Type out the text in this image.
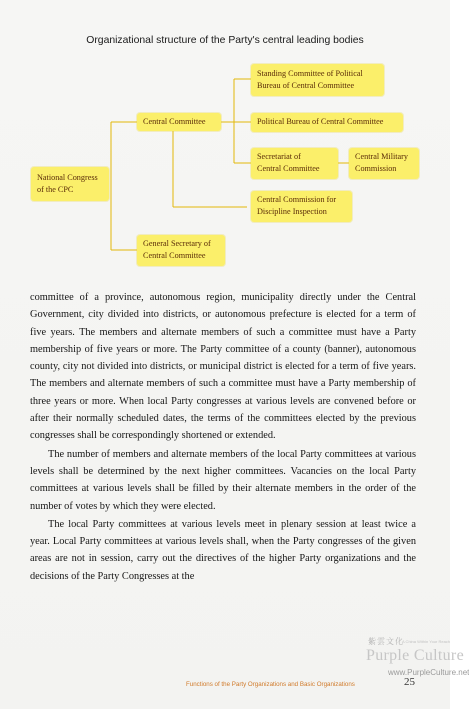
Organizational structure of the Party's central leading bodies
National Congress
of the CPC
Central Committee
Standing Committee of Political
Bureau of Central Committee
Political Bureau of Central Committee
Secretariat of
Central Committee
Central Military
Commission
Central Commission for
Discipline Inspection
General Secretary of
Central Committee

committee of a province, autonomous region, municipality directly under the Central Government, city divided into districts, or autonomous prefecture is elected for a term of five years. The members and alternate members of such a committee must have a Party membership of five years or more. The Party committee of a county (banner), autonomous county, city not divided into districts, or municipal district is elected for a term of five years. The members and alternate members of such a committee must have a Party membership of three years or more. When local Party congresses at various levels are convened before or after their normally scheduled dates, the terms of the committees elected by the previous congresses shall be correspondingly shortened or extended.

The number of members and alternate members of the local Party committees at various levels shall be determined by the next higher committees. Vacancies on the local Party committees at various levels shall be filled by their alternate members in the order of the number of votes by which they were elected.

The local Party committees at various levels meet in plenary session at least twice a year. Local Party committees at various levels shall, when the Party congresses of the given areas are not in session, carry out the directives of the higher Party organizations and the decisions of the Party Congresses at the

紫雲文化
A China Within Your Reach
Purple Culture
www.PurpleCulture.net
Functions of the Party Organizations and Basic Organizations	25
